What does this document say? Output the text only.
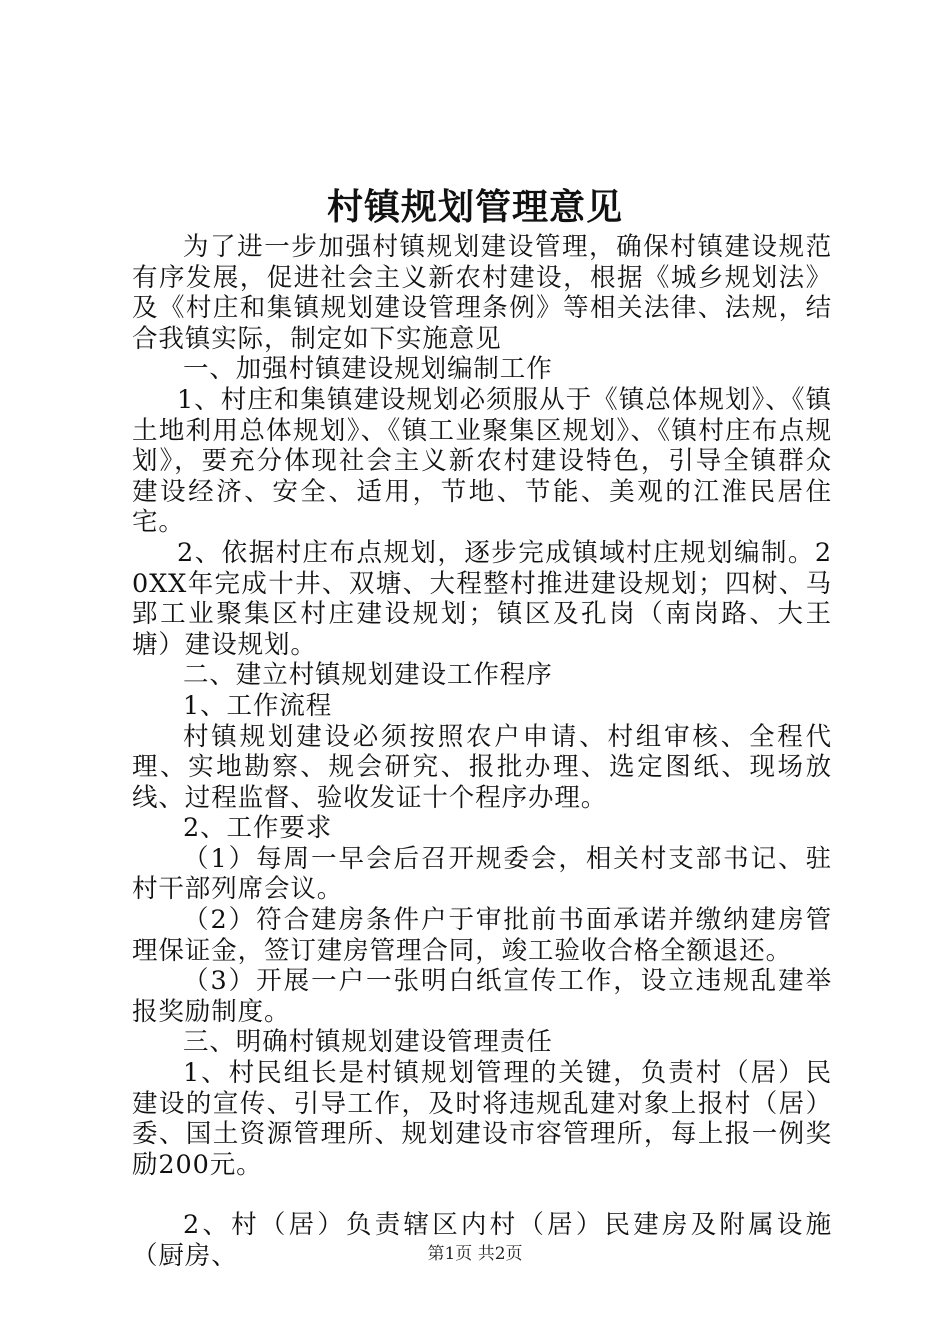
村镇规划管理意见

为了进一步加强村镇规划建设管理，确保村镇建设规范有序发展，促进社会主义新农村建设，根据《城乡规划法》及《村庄和集镇规划建设管理条例》等相关法律、法规，结合我镇实际，制定如下实施意见

一、加强村镇建设规划编制工作

1、村庄和集镇建设规划必须服从于《镇总体规划》、《镇土地利用总体规划》、《镇工业聚集区规划》、《镇村庄布点规划》，要充分体现社会主义新农村建设特色，引导全镇群众建设经济、安全、适用，节地、节能、美观的江淮民居住宅。

2、依据村庄布点规划，逐步完成镇域村庄规划编制。20XX年完成十井、双塘、大程整村推进建设规划；四树、马郢工业聚集区村庄建设规划；镇区及孔岗（南岗路、大王塘）建设规划。

二、建立村镇规划建设工作程序

1、工作流程

村镇规划建设必须按照农户申请、村组审核、全程代理、实地勘察、规会研究、报批办理、选定图纸、现场放线、过程监督、验收发证十个程序办理。

2、工作要求

（1）每周一早会后召开规委会，相关村支部书记、驻村干部列席会议。

（2）符合建房条件户于审批前书面承诺并缴纳建房管理保证金，签订建房管理合同，竣工验收合格全额退还。

（3）开展一户一张明白纸宣传工作，设立违规乱建举报奖励制度。

三、明确村镇规划建设管理责任

1、村民组长是村镇规划管理的关键，负责村（居）民建设的宣传、引导工作，及时将违规乱建对象上报村（居）委、国土资源管理所、规划建设市容管理所，每上报一例奖励200元。

2、村（居）负责辖区内村（居）民建房及附属设施（厨房、	第1页 共2页
